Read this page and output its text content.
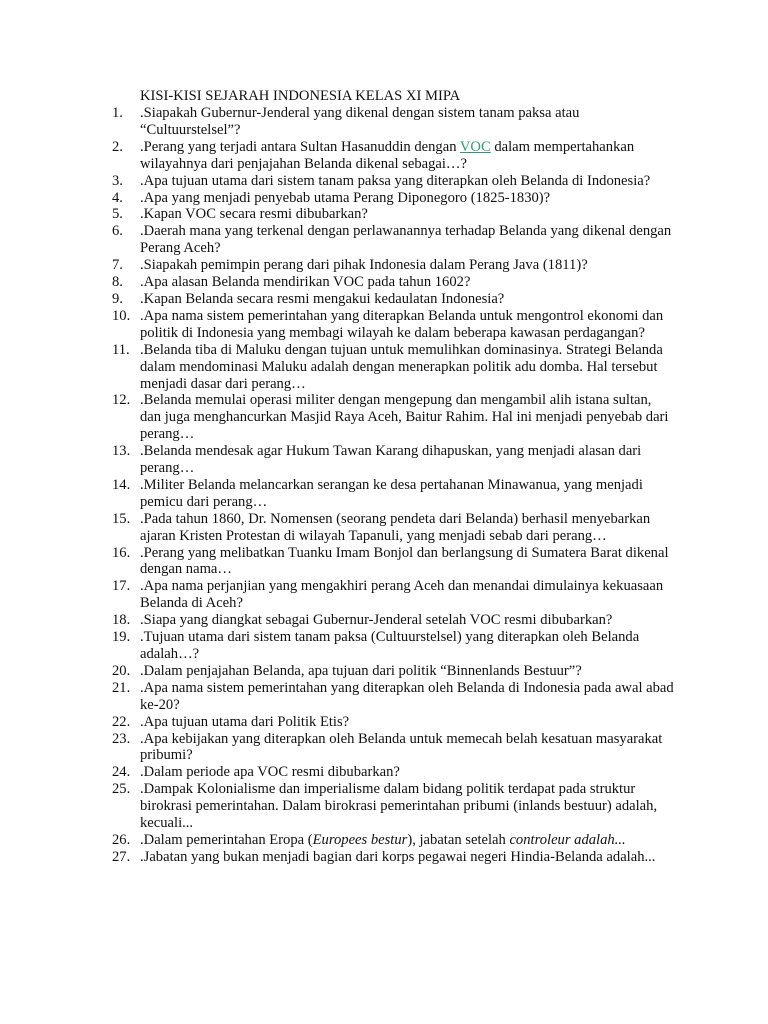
KISI-KISI SEJARAH INDONESIA KELAS XI MIPA
1. .Siapakah Gubernur-Jenderal yang dikenal dengan sistem tanam paksa atau “Cultuurstelsel”?
2. .Perang yang terjadi antara Sultan Hasanuddin dengan VOC dalam mempertahankan wilayahnya dari penjajahan Belanda dikenal sebagai…?
3. .Apa tujuan utama dari sistem tanam paksa yang diterapkan oleh Belanda di Indonesia?
4. .Apa yang menjadi penyebab utama Perang Diponegoro (1825-1830)?
5. .Kapan VOC secara resmi dibubarkan?
6. .Daerah mana yang terkenal dengan perlawanannya terhadap Belanda yang dikenal dengan Perang Aceh?
7. .Siapakah pemimpin perang dari pihak Indonesia dalam Perang Java (1811)?
8. .Apa alasan Belanda mendirikan VOC pada tahun 1602?
9. .Kapan Belanda secara resmi mengakui kedaulatan Indonesia?
10. .Apa nama sistem pemerintahan yang diterapkan Belanda untuk mengontrol ekonomi dan politik di Indonesia yang membagi wilayah ke dalam beberapa kawasan perdagangan?
11. .Belanda tiba di Maluku dengan tujuan untuk memulihkan dominasinya. Strategi Belanda dalam mendominasi Maluku adalah dengan menerapkan politik adu domba. Hal tersebut menjadi dasar dari perang…
12. .Belanda memulai operasi militer dengan mengepung dan mengambil alih istana sultan, dan juga menghancurkan Masjid Raya Aceh, Baitur Rahim. Hal ini menjadi penyebab dari perang…
13. .Belanda mendesak agar Hukum Tawan Karang dihapuskan, yang menjadi alasan dari perang…
14. .Militer Belanda melancarkan serangan ke desa pertahanan Minawanua, yang menjadi pemicu dari perang…
15. .Pada tahun 1860, Dr. Nomensen (seorang pendeta dari Belanda) berhasil menyebarkan ajaran Kristen Protestan di wilayah Tapanuli, yang menjadi sebab dari perang…
16. .Perang yang melibatkan Tuanku Imam Bonjol dan berlangsung di Sumatera Barat dikenal dengan nama…
17. .Apa nama perjanjian yang mengakhiri perang Aceh dan menandai dimulainya kekuasaan Belanda di Aceh?
18. .Siapa yang diangkat sebagai Gubernur-Jenderal setelah VOC resmi dibubarkan?
19. .Tujuan utama dari sistem tanam paksa (Cultuurstelsel) yang diterapkan oleh Belanda adalah…?
20. .Dalam penjajahan Belanda, apa tujuan dari politik “Binnenlands Bestuur”?
21. .Apa nama sistem pemerintahan yang diterapkan oleh Belanda di Indonesia pada awal abad ke-20?
22. .Apa tujuan utama dari Politik Etis?
23. .Apa kebijakan yang diterapkan oleh Belanda untuk memecah belah kesatuan masyarakat pribumi?
24. .Dalam periode apa VOC resmi dibubarkan?
25. .Dampak Kolonialisme dan imperialisme dalam bidang politik terdapat pada struktur birokrasi pemerintahan. Dalam birokrasi pemerintahan pribumi (inlands bestuur) adalah, kecuali...
26. .Dalam pemerintahan Eropa (Europees bestur), jabatan setelah controleur adalah...
27. .Jabatan yang bukan menjadi bagian dari korps pegawai negeri Hindia-Belanda adalah...
